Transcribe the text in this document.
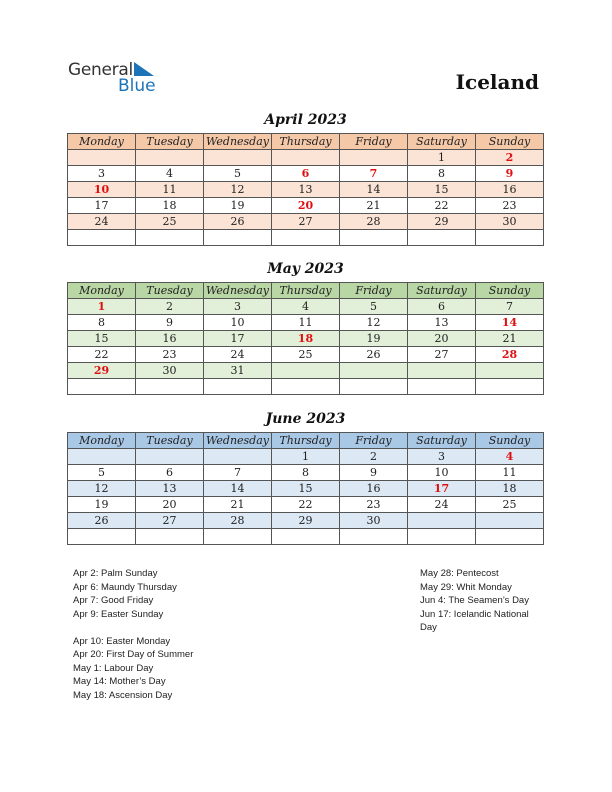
General
Blue	Iceland
April 2023
Monday	Tuesday	Wednesday	Thursday	Friday	Saturday	Sunday
					1	2
3	4	5	6	7	8	9
10	11	12	13	14	15	16
17	18	19	20	21	22	23
24	25	26	27	28	29	30

May 2023
Monday	Tuesday	Wednesday	Thursday	Friday	Saturday	Sunday
1	2	3	4	5	6	7
8	9	10	11	12	13	14
15	16	17	18	19	20	21
22	23	24	25	26	27	28
29	30	31				

June 2023
Monday	Tuesday	Wednesday	Thursday	Friday	Saturday	Sunday
			1	2	3	4
5	6	7	8	9	10	11
12	13	14	15	16	17	18
19	20	21	22	23	24	25
26	27	28	29	30		

Apr 2: Palm Sunday
Apr 6: Maundy Thursday
Apr 7: Good Friday
Apr 9: Easter Sunday
Apr 10: Easter Monday
Apr 20: First Day of Summer
May 1: Labour Day
May 14: Mother’s Day
May 18: Ascension Day
May 28: Pentecost
May 29: Whit Monday
Jun 4: The Seamen’s Day
Jun 17: Icelandic National
Day
